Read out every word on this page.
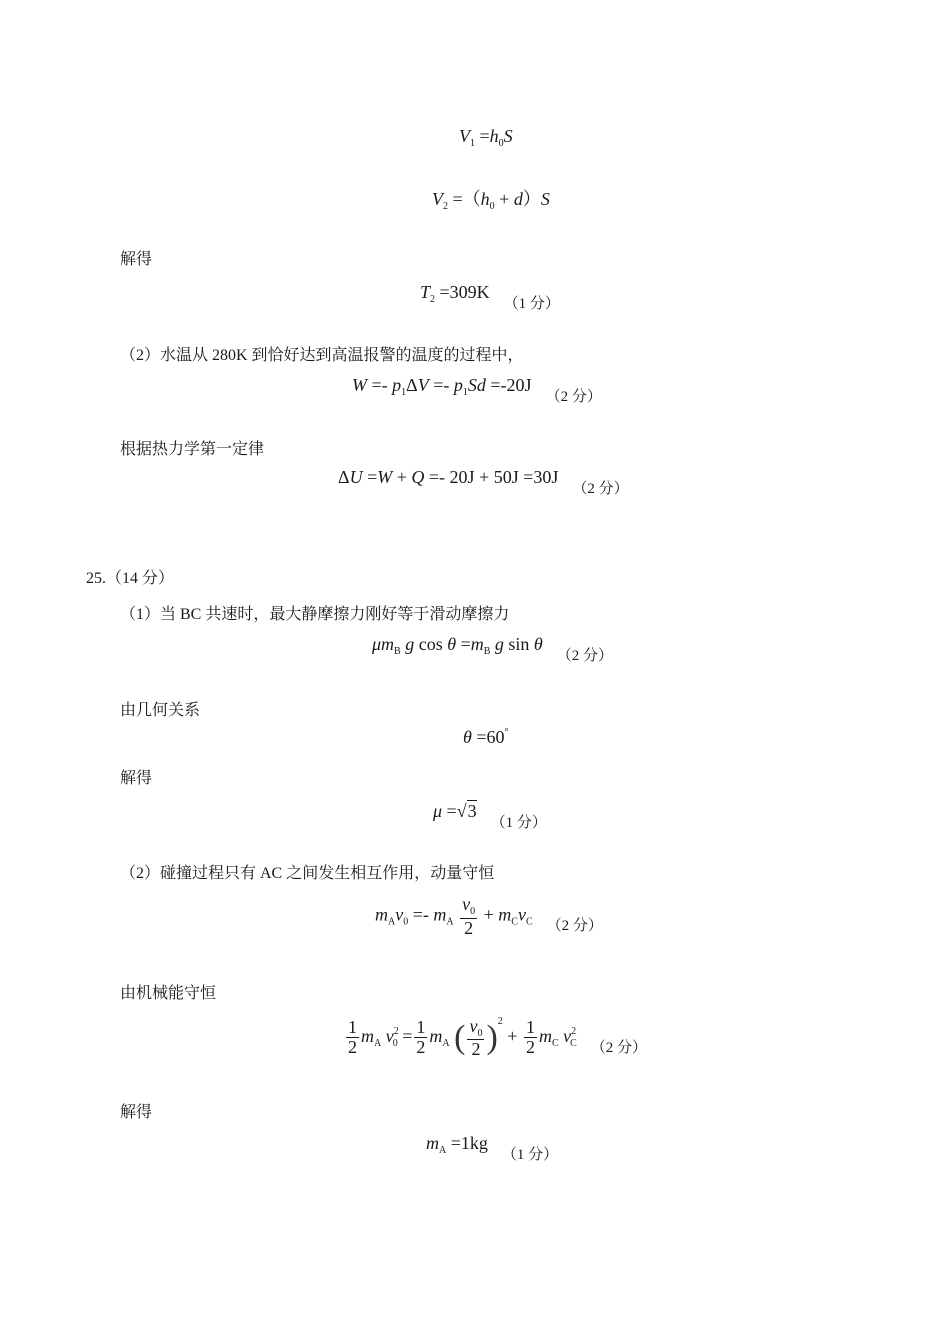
$V_1 =h_0S$
$V_2 =(h_0 + d)S$
解得
$T_2 =309K_{(1 分)}$
（2）水温从 280K 到恰好达到高温报警的温度的过程中，
$W =- p_1\Delta V =- p_1Sd =-20J_{(2 分)}$
根据热力学第一定律
$\Delta U =W + Q =- 20J + 50J =30J_{(2 分)}$
25.（14 分）
（1）当 BC 共速时，最大静摩擦力刚好等于滑动摩擦力
$\mu m_B$ g $\cos \theta =m_B$ g $\sin \theta_{(2 分)}$
由几何关系
θ =60°
解得
$\mu =√3_{(1 分)}$
（2）碰撞过程只有 AC 之间发生相互作用，动量守恒
$m_Av_0 =- m_A \frac{v_0}{2} + m_Cv_C$ $_{(2 分)}$
由机械能守恒
$\frac{1}{2} m_A$ $v^2_0 = \frac{1}{2} m_A$ ( $\frac{v_0}{2} )^2 + \frac{1}{2} m_C$ $v^2_C$ $_{(2 分)}$
解得
$m_A =1kg_{(1 分)}$
